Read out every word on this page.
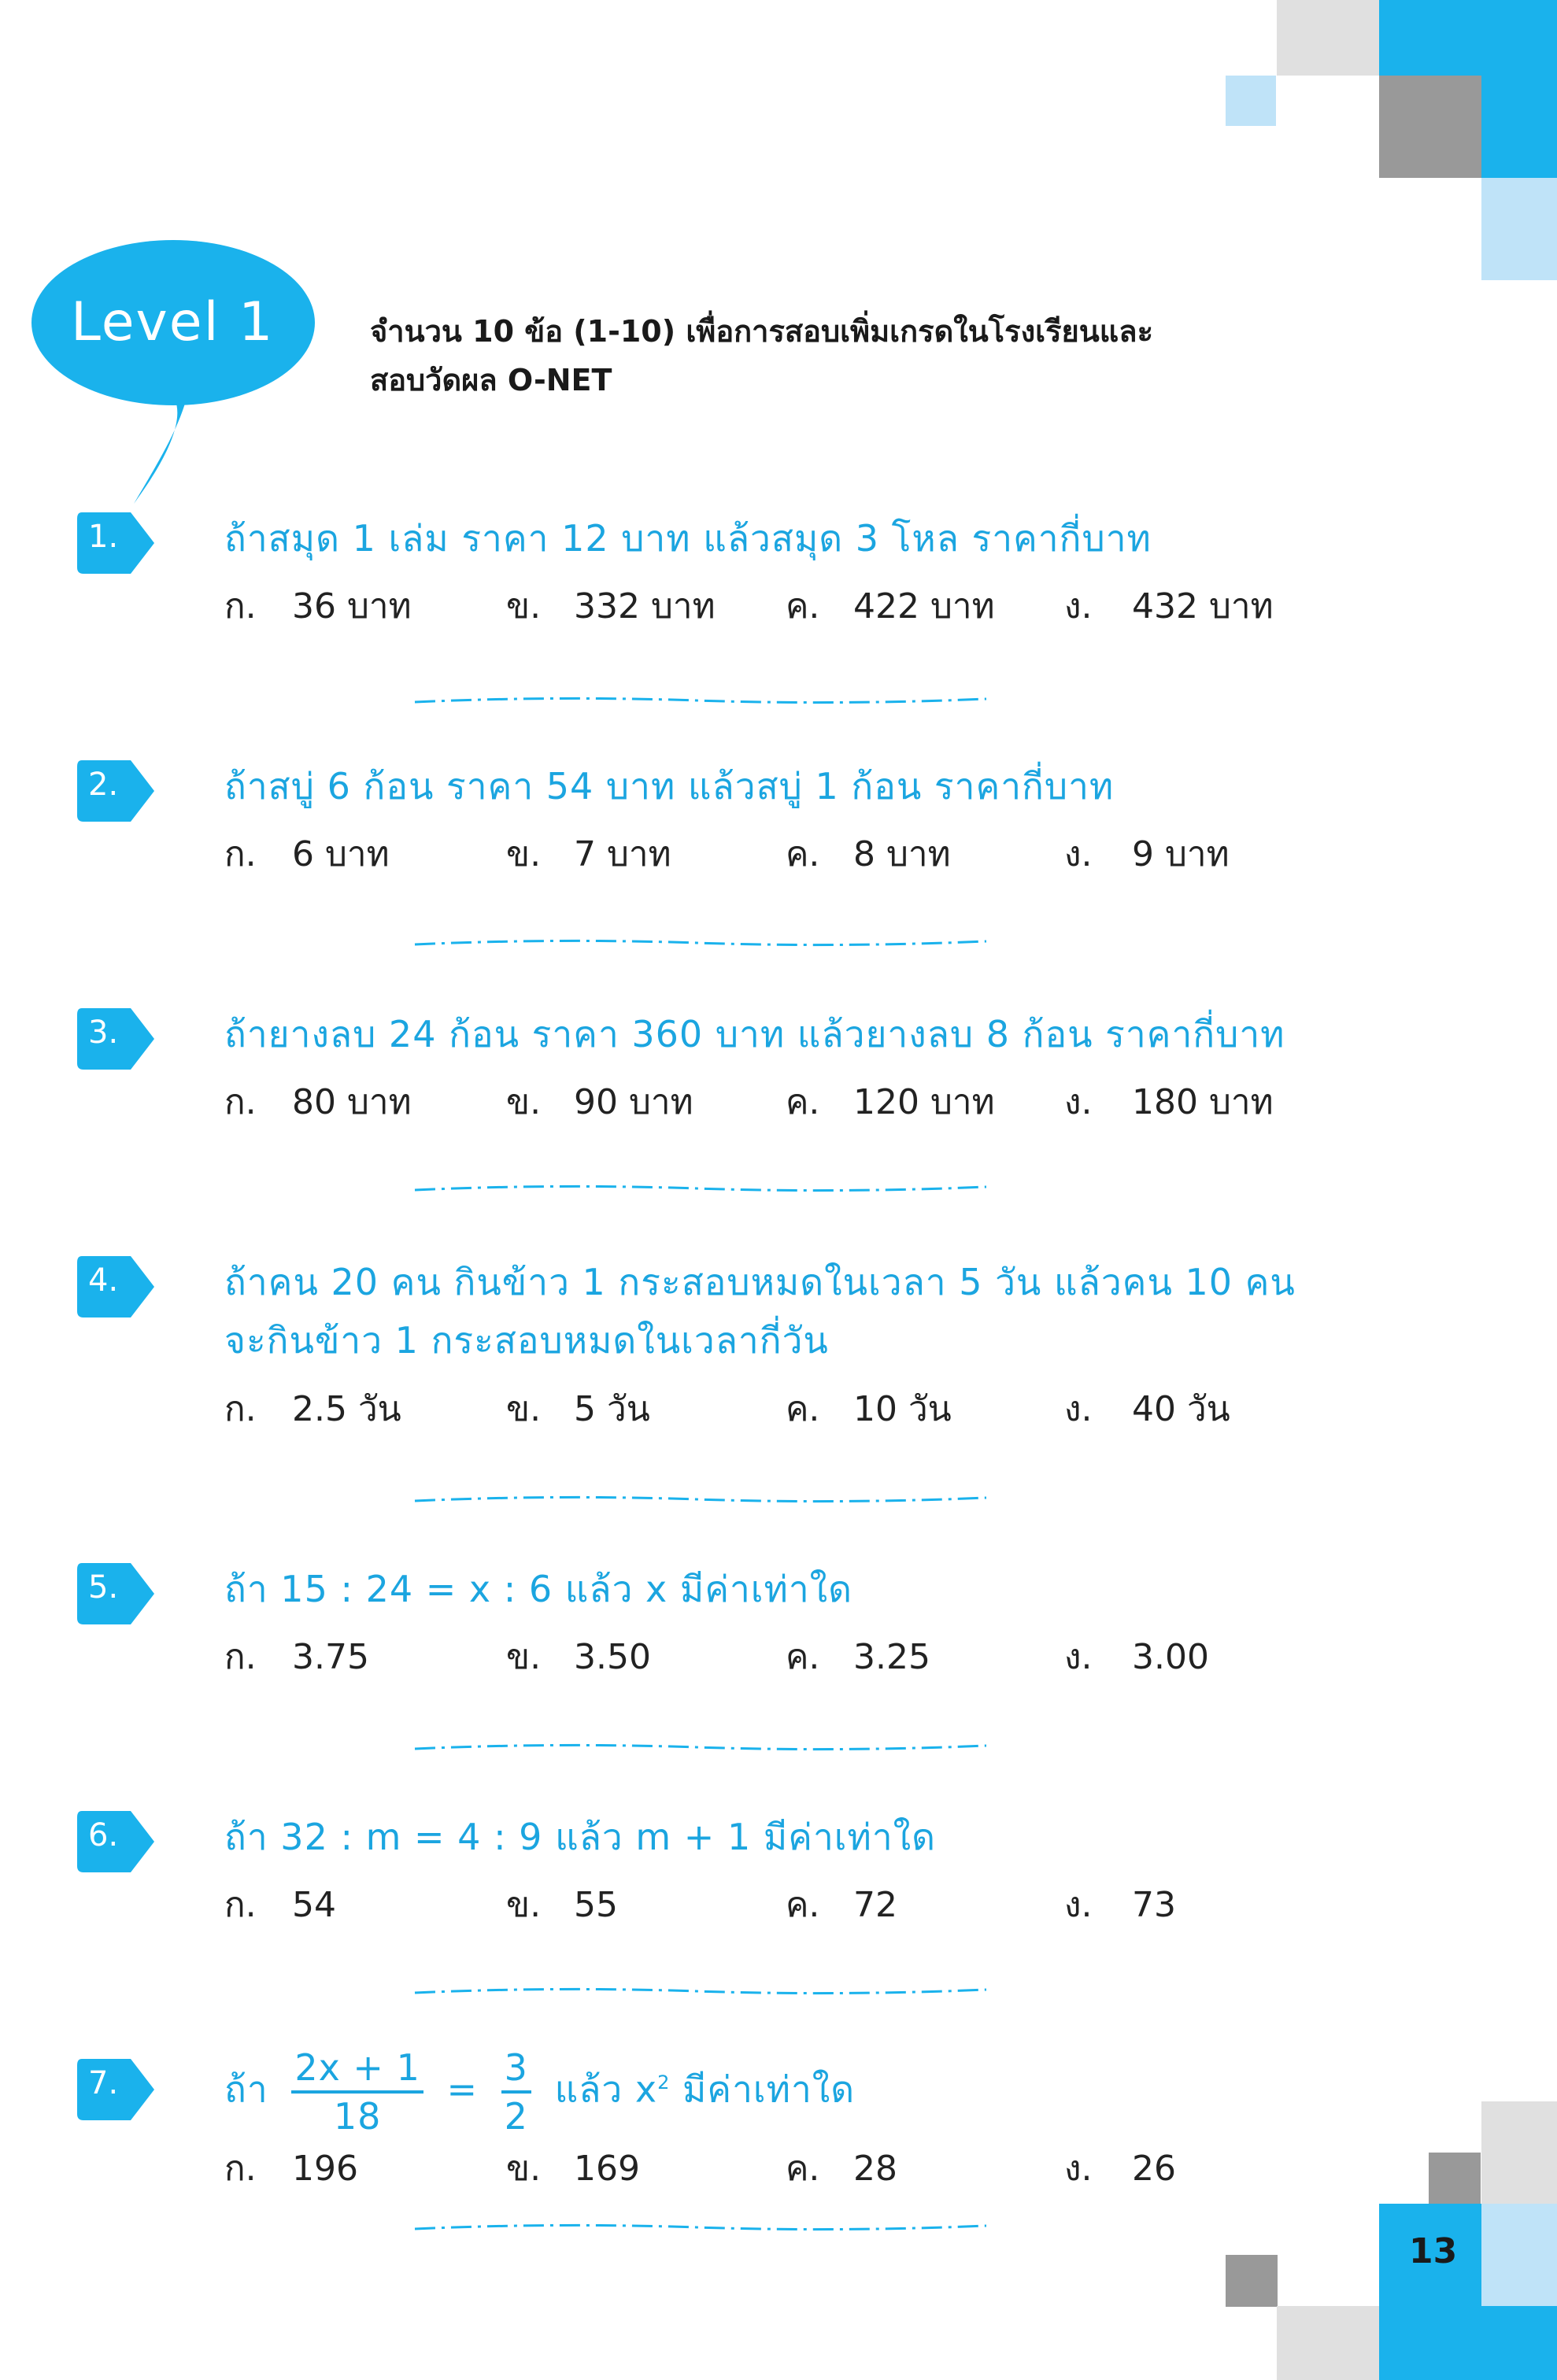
Level 1	จำนวน 10 ข้อ (1-10) เพื่อการสอบเพิ่มเกรดในโรงเรียนและ
สอบวัดผล O-NET
1.	ถ้าสมุด 1 เล่ม ราคา 12 บาท แล้วสมุด 3 โหล ราคากี่บาท
ก. 36 บาท	ข. 332 บาท ค. 422 บาท ง. 432 บาท
2.	ถ้าสบู่ 6 ก้อน ราคา 54 บาท แล้วสบู่ 1 ก้อน ราคากี่บาท
ก. 6 บาท	ข. 7 บาท	ค. 8 บาท	ง. 9 บาท
3.	ถ้ายางลบ 24 ก้อน ราคา 360 บาท แล้วยางลบ 8 ก้อน ราคากี่บาท
ก. 80 บาท	ข. 90 บาท	ค. 120 บาท ง. 180 บาท
4.	ถ้าคน 20 คน กินข้าว 1 กระสอบหมดในเวลา 5 วัน แล้วคน 10 คน
จะกินข้าว 1 กระสอบหมดในเวลากี่วัน
ก. 2.5 วัน	ข. 5 วัน	ค. 10 วัน	ง. 40 วัน
5.	ถ้า 15 : 24 = x : 6 แล้ว x มีค่าเท่าใด
ก. 3.75	ข. 3.50	ค. 3.25	ง. 3.00
6.	ถ้า 32 : m = 4 : 9 แล้ว m + 1 มีค่าเท่าใด
ก. 54	ข. 55	ค. 72	ง. 73
7.	ถ้า $\frac{2x + 1}{18} = \frac{3}{2}$ แล้ว $x^2$ มีค่าเท่าใด
ก. 196	ข. 169	ค. 28	ง. 26
13
